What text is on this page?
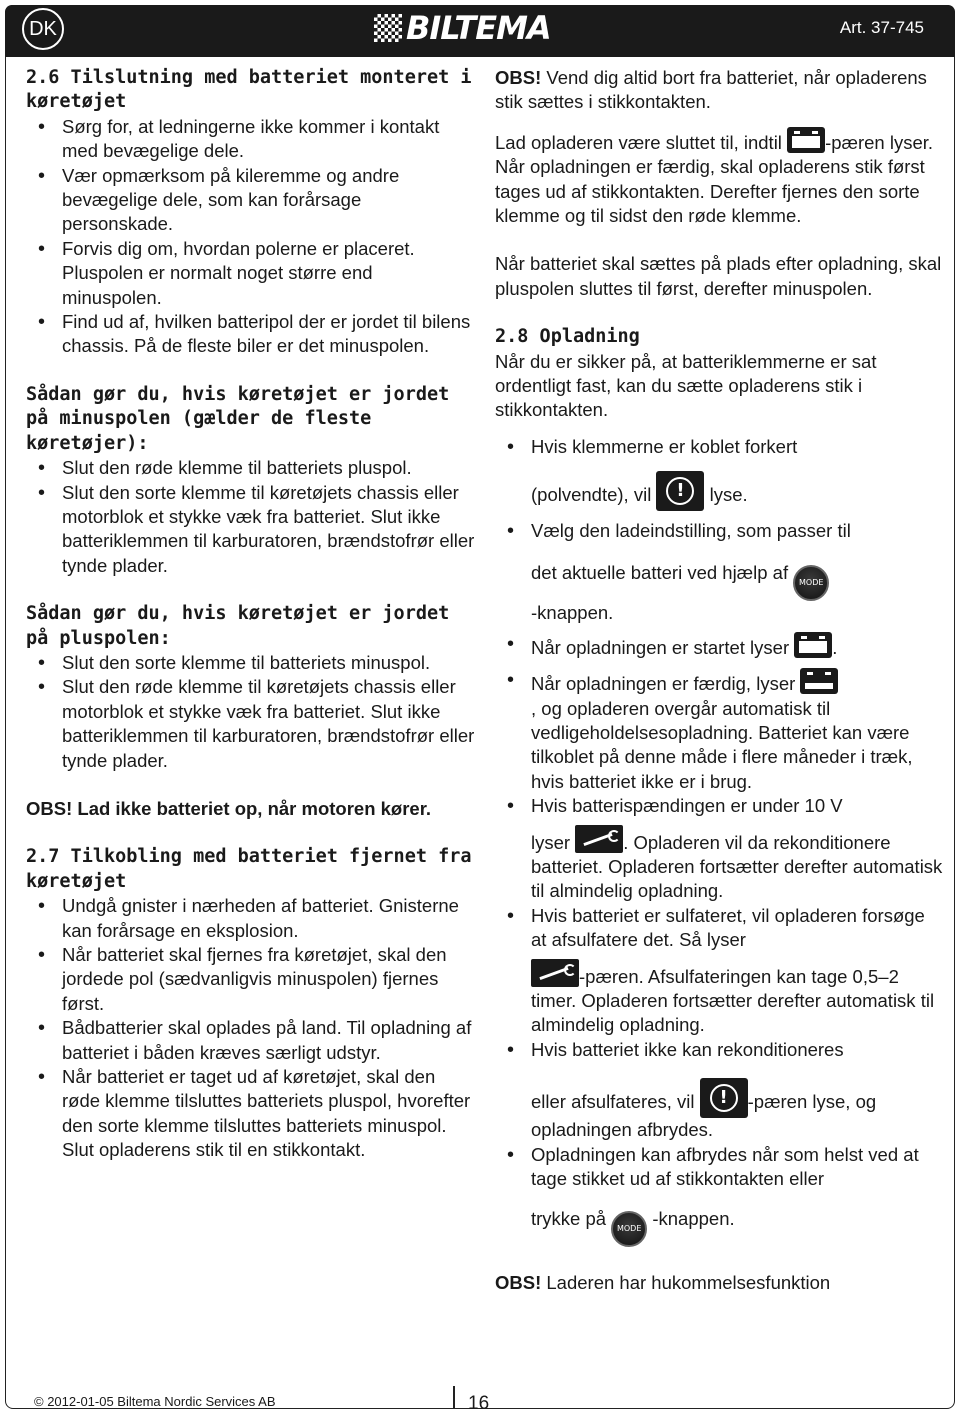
DK	BILTEMA	Art. 37-745
2.6 Tilslutning med batteriet monteret i køretøjet
• Sørg for, at ledningerne ikke kommer i kontakt med bevægelige dele.
• Vær opmærksom på kileremme og andre bevægelige dele, som kan forårsage personskade.
• Forvis dig om, hvordan polerne er placeret. Pluspolen er normalt noget større end minuspolen.
• Find ud af, hvilken batteripol der er jordet til bilens chassis. På de fleste biler er det minuspolen.
Sådan gør du, hvis køretøjet er jordet på minuspolen (gælder de fleste køretøjer):
• Slut den røde klemme til batteriets pluspol.
• Slut den sorte klemme til køretøjets chassis eller motorblok et stykke væk fra batteriet. Slut ikke batteriklemmen til karburatoren, brændstofrør eller tynde plader.
Sådan gør du, hvis køretøjet er jordet på pluspolen:
• Slut den sorte klemme til batteriets minuspol.
• Slut den røde klemme til køretøjets chassis eller motorblok et stykke væk fra batteriet. Slut ikke batteriklemmen til karburatoren, brændstofrør eller tynde plader.

OBS! Lad ikke batteriet op, når motoren kører.

2.7 Tilkobling med batteriet fjernet fra køretøjet
• Undgå gnister i nærheden af batteriet. Gnisterne kan forårsage en eksplosion.
• Når batteriet skal fjernes fra køretøjet, skal den jordede pol (sædvanligvis minuspolen) fjernes først.
• Bådbatterier skal oplades på land. Til opladning af batteriet i båden kræves særligt udstyr.
• Når batteriet er taget ud af køretøjet, skal den røde klemme tilsluttes batteriets pluspol, hvorefter den sorte klemme tilsluttes batteriets minuspol. Slut opladerens stik til en stikkontakt.

OBS! Vend dig altid bort fra batteriet, når opladerens stik sættes i stikkontakten.

Lad opladeren være sluttet til, indtil
-pæren lyser.

Når opladningen er færdig, skal opladerens stik først tages ud af stikkontakten. Derefter fjernes den sorte klemme og til sidst den røde klemme.

Når batteriet skal sættes på plads efter opladning, skal pluspolen sluttes til først, derefter minuspolen.

2.8 Opladning

Når du er sikker på, at batteriklemmerne er sat ordentligt fast, kan du sætte opladerens stik i stikkontakten.

• Hvis klemmerne er koblet forkert
(polvendte), vil	!	lyse.
• Vælg den ladeindstilling, som passer til
det aktuelle batteri ved hjælp af MODE
-knappen.
• Når opladningen er startet lyser
.
• Når opladningen er færdig, lyser

, og opladeren overgår automatisk til vedligeholdelsesopladning. Batteriet kan være tilkoblet på denne måde i flere måneder i træk, hvis batteriet ikke er i brug.
• Hvis batterispændingen er under 10 V
lyser	. Opladeren vil da rekonditionere batteriet. Opladeren fortsætter derefter automatisk til almindelig opladning.
• Hvis batteriet er sulfateret, vil opladeren forsøge at afsulfatere det. Så lyser
-pæren. Afsulfateringen kan tage 0,5–2 timer. Opladeren fortsætter derefter automatisk til almindelig opladning.
• Hvis batteriet ikke kan rekonditioneres
eller afsulfateres, vil	!	-pæren lyse, og opladningen afbrydes.
• Opladningen kan afbrydes når som helst ved at tage stikket ud af stikkontakten eller
trykke på MODE -knappen.

OBS! Laderen har hukommelsesfunktion

© 2012-01-05 Biltema Nordic Services AB	16
